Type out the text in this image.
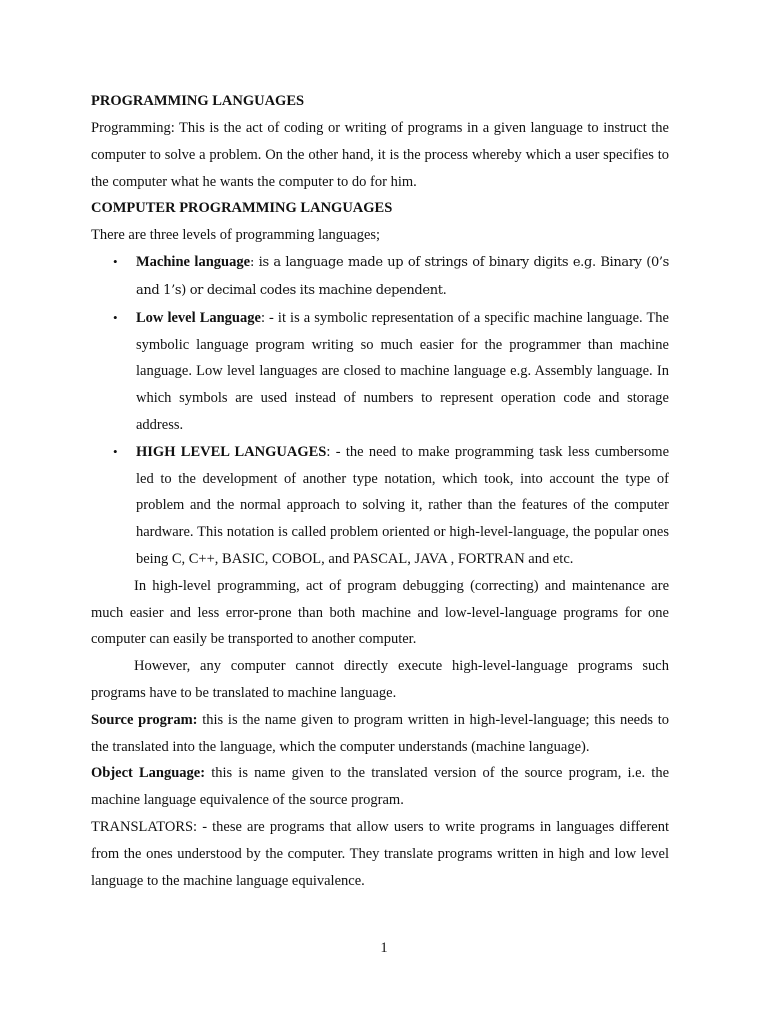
PROGRAMMING LANGUAGES

Programming: This is the act of coding or writing of programs in a given language to instruct the computer to solve a problem. On the other hand, it is the process whereby which a user specifies to the computer what he wants the computer to do for him.

COMPUTER PROGRAMMING LANGUAGES

There are three levels of programming languages;

• Machine language: is a language made up of strings of binary digits e.g. Binary (0’s and 1’s) or decimal codes its machine dependent.
• Low level Language: - it is a symbolic representation of a specific machine language. The symbolic language program writing so much easier for the programmer than machine language. Low level languages are closed to machine language e.g. Assembly language. In which symbols are used instead of numbers to represent operation code and storage address.
• HIGH LEVEL LANGUAGES: - the need to make programming task less cumbersome led to the development of another type notation, which took, into account the type of problem and the normal approach to solving it, rather than the features of the computer hardware. This notation is called problem oriented or high-level-language, the popular ones being C, C++, BASIC, COBOL, and PASCAL, JAVA , FORTRAN and etc.

In high-level programming, act of program debugging (correcting) and maintenance are much easier and less error-prone than both machine and low-level-language programs for one computer can easily be transported to another computer.

However, any computer cannot directly execute high-level-language programs such programs have to be translated to machine language.

Source program: this is the name given to program written in high-level-language; this needs to the translated into the language, which the computer understands (machine language).

Object Language: this is name given to the translated version of the source program, i.e. the machine language equivalence of the source program.

TRANSLATORS: - these are programs that allow users to write programs in languages different from the ones understood by the computer. They translate programs written in high and low level language to the machine language equivalence.

1
